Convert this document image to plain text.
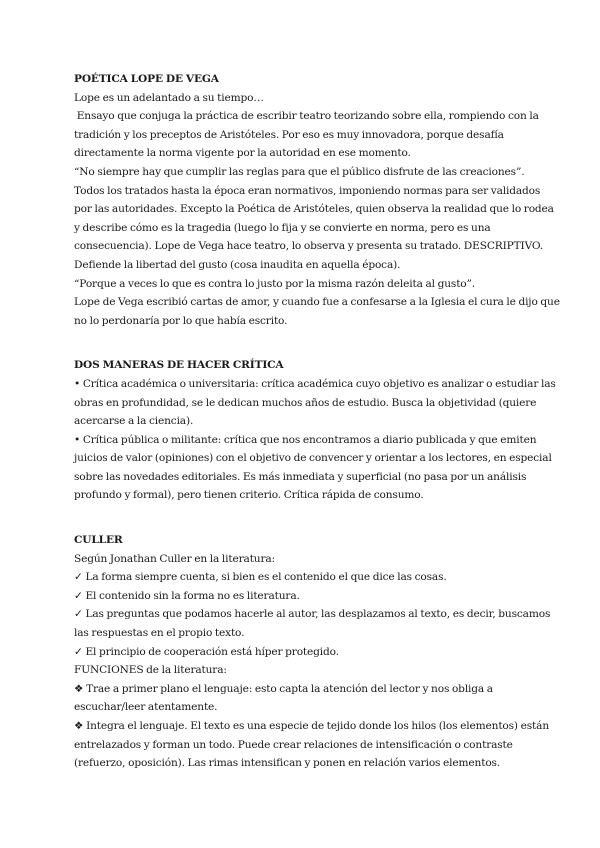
POÉTICA LOPE DE VEGA

Lope es un adelantado a su tiempo…

Ensayo que conjuga la práctica de escribir teatro teorizando sobre ella, rompiendo con la

tradición y los preceptos de Aristóteles. Por eso es muy innovadora, porque desafía

directamente la norma vigente por la autoridad en ese momento.

“No siempre hay que cumplir las reglas para que el público disfrute de las creaciones”.

Todos los tratados hasta la época eran normativos, imponiendo normas para ser validados

por las autoridades. Excepto la Poética de Aristóteles, quien observa la realidad que lo rodea

y describe cómo es la tragedia (luego lo fija y se convierte en norma, pero es una

consecuencia). Lope de Vega hace teatro, lo observa y presenta su tratado. DESCRIPTIVO.

Defiende la libertad del gusto (cosa inaudita en aquella época).

“Porque a veces lo que es contra lo justo por la misma razón deleita al gusto”.

Lope de Vega escribió cartas de amor, y cuando fue a confesarse a la Iglesia el cura le dijo que

no lo perdonaría por lo que había escrito.

DOS MANERAS DE HACER CRÍTICA

• Crítica académica o universitaria: crítica académica cuyo objetivo es analizar o estudiar las

obras en profundidad, se le dedican muchos años de estudio. Busca la objetividad (quiere

acercarse a la ciencia).

• Crítica pública o militante: crítica que nos encontramos a diario publicada y que emiten

juicios de valor (opiniones) con el objetivo de convencer y orientar a los lectores, en especial

sobre las novedades editoriales. Es más inmediata y superficial (no pasa por un análisis

profundo y formal), pero tienen criterio. Crítica rápida de consumo.

CULLER

Según Jonathan Culler en la literatura:

✓ La forma siempre cuenta, si bien es el contenido el que dice las cosas.

✓ El contenido sin la forma no es literatura.

✓ Las preguntas que podamos hacerle al autor, las desplazamos al texto, es decir, buscamos

las respuestas en el propio texto.

✓ El principio de cooperación está híper protegido.

FUNCIONES de la literatura:

❖ Trae a primer plano el lenguaje: esto capta la atención del lector y nos obliga a

escuchar/leer atentamente.

❖ Integra el lenguaje. El texto es una especie de tejido donde los hilos (los elementos) están

entrelazados y forman un todo. Puede crear relaciones de intensificación o contraste

(refuerzo, oposición). Las rimas intensifican y ponen en relación varios elementos.
